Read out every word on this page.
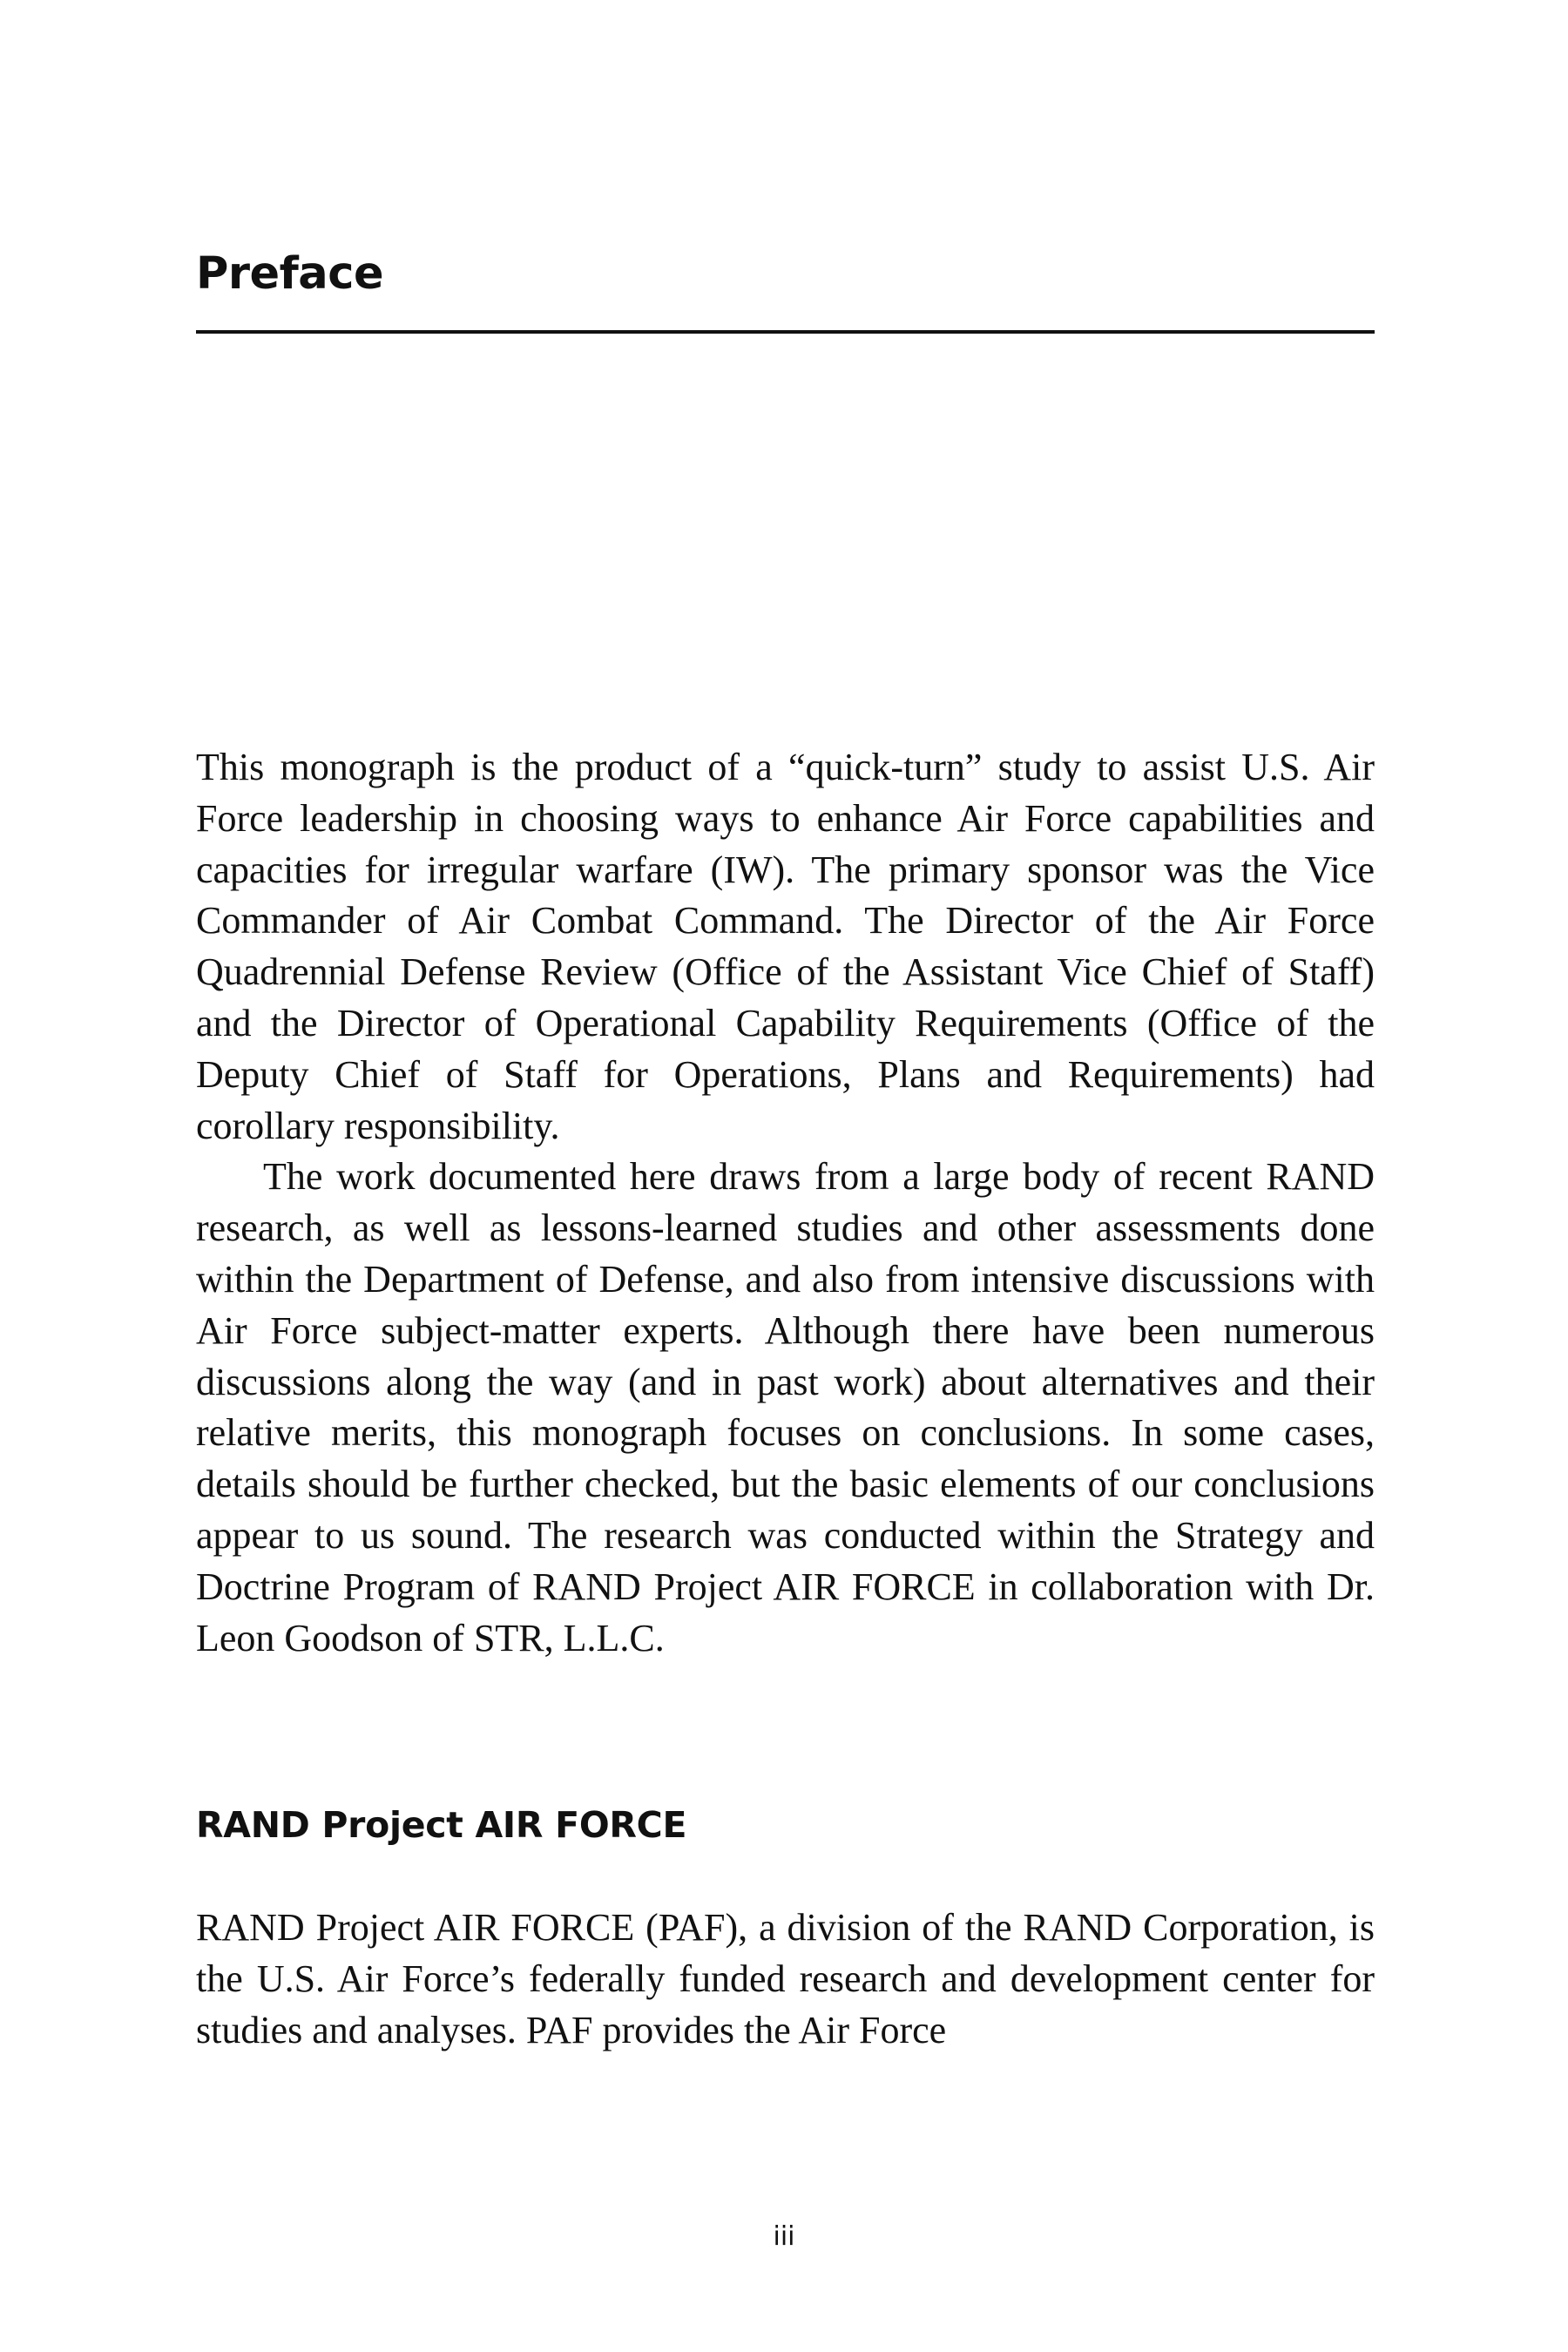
Preface

This monograph is the product of a “quick-turn” study to assist U.S. Air Force leadership in choosing ways to enhance Air Force capabilities and capacities for irregular warfare (IW). The primary sponsor was the Vice Commander of Air Combat Command. The Director of the Air Force Quadrennial Defense Review (Office of the Assistant Vice Chief of Staff) and the Director of Operational Capability Requirements (Office of the Deputy Chief of Staff for Operations, Plans and Requirements) had corollary responsibility.

The work documented here draws from a large body of recent RAND research, as well as lessons-learned studies and other assessments done within the Department of Defense, and also from intensive discussions with Air Force subject-matter experts. Although there have been numerous discussions along the way (and in past work) about alternatives and their relative merits, this monograph focuses on conclusions. In some cases, details should be further checked, but the basic elements of our conclusions appear to us sound. The research was conducted within the Strategy and Doctrine Program of RAND Project AIR FORCE in collaboration with Dr. Leon Goodson of STR, L.L.C.

RAND Project AIR FORCE

RAND Project AIR FORCE (PAF), a division of the RAND Corporation, is the U.S. Air Force’s federally funded research and development center for studies and analyses. PAF provides the Air Force

iii
